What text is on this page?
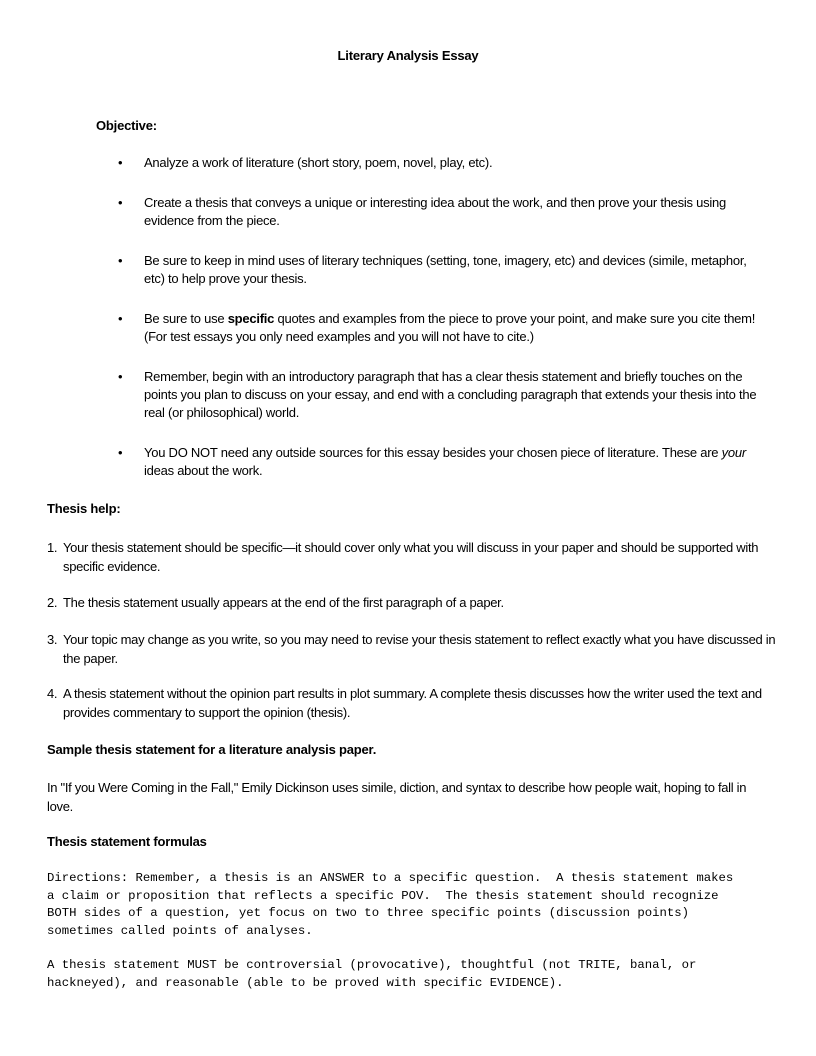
Literary Analysis Essay
Objective:
• Analyze a work of literature (short story, poem, novel, play, etc).
• Create a thesis that conveys a unique or interesting idea about the work, and then prove your thesis using evidence from the piece.
• Be sure to keep in mind uses of literary techniques (setting, tone, imagery, etc) and devices (simile, metaphor, etc) to help prove your thesis.
• Be sure to use specific quotes and examples from the piece to prove your point, and make sure you cite them! (For test essays you only need examples and you will not have to cite.)
• Remember, begin with an introductory paragraph that has a clear thesis statement and briefly touches on the points you plan to discuss on your essay, and end with a concluding paragraph that extends your thesis into the real (or philosophical) world.
• You DO NOT need any outside sources for this essay besides your chosen piece of literature. These are your ideas about the work.
Thesis help:
1. Your thesis statement should be specific—it should cover only what you will discuss in your paper and should be supported with specific evidence.
2. The thesis statement usually appears at the end of the first paragraph of a paper.
3. Your topic may change as you write, so you may need to revise your thesis statement to reflect exactly what you have discussed in the paper.
4. A thesis statement without the opinion part results in plot summary. A complete thesis discusses how the writer used the text and provides commentary to support the opinion (thesis).
Sample thesis statement for a literature analysis paper.
In "If you Were Coming in the Fall," Emily Dickinson uses simile, diction, and syntax to describe how people wait, hoping to fall in love.
Thesis statement formulas
Directions: Remember, a thesis is an ANSWER to a specific question.  A thesis statement makes
a claim or proposition that reflects a specific POV.  The thesis statement should recognize
BOTH sides of a question, yet focus on two to three specific points (discussion points)
sometimes called points of analyses.
A thesis statement MUST be controversial (provocative), thoughtful (not TRITE, banal, or
hackneyed), and reasonable (able to be proved with specific EVIDENCE).
